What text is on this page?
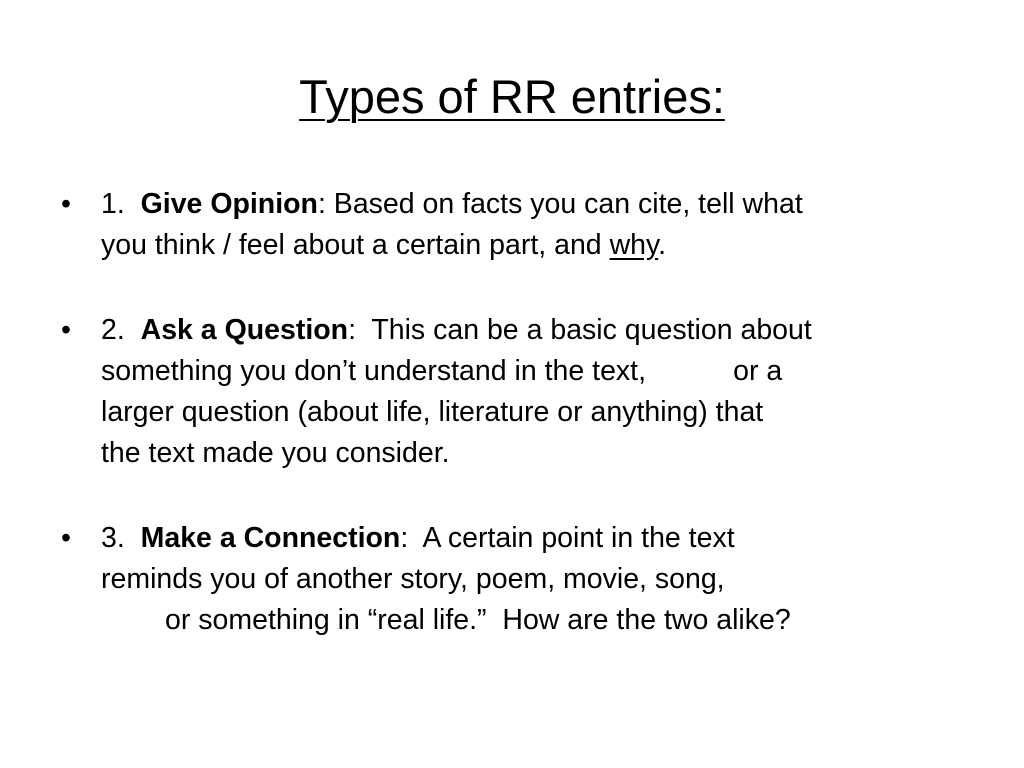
Types of RR entries:
• 1.  Give Opinion: Based on facts you can cite, tell what
you think / feel about a certain part, and why.
• 2.  Ask a Question:  This can be a basic question about
something you don’t understand in the text,           or a
larger question (about life, literature or anything) that
the text made you consider.
• 3.  Make a Connection:  A certain point in the text
reminds you of another story, poem, movie, song,
or something in “real life.”  How are the two alike?
